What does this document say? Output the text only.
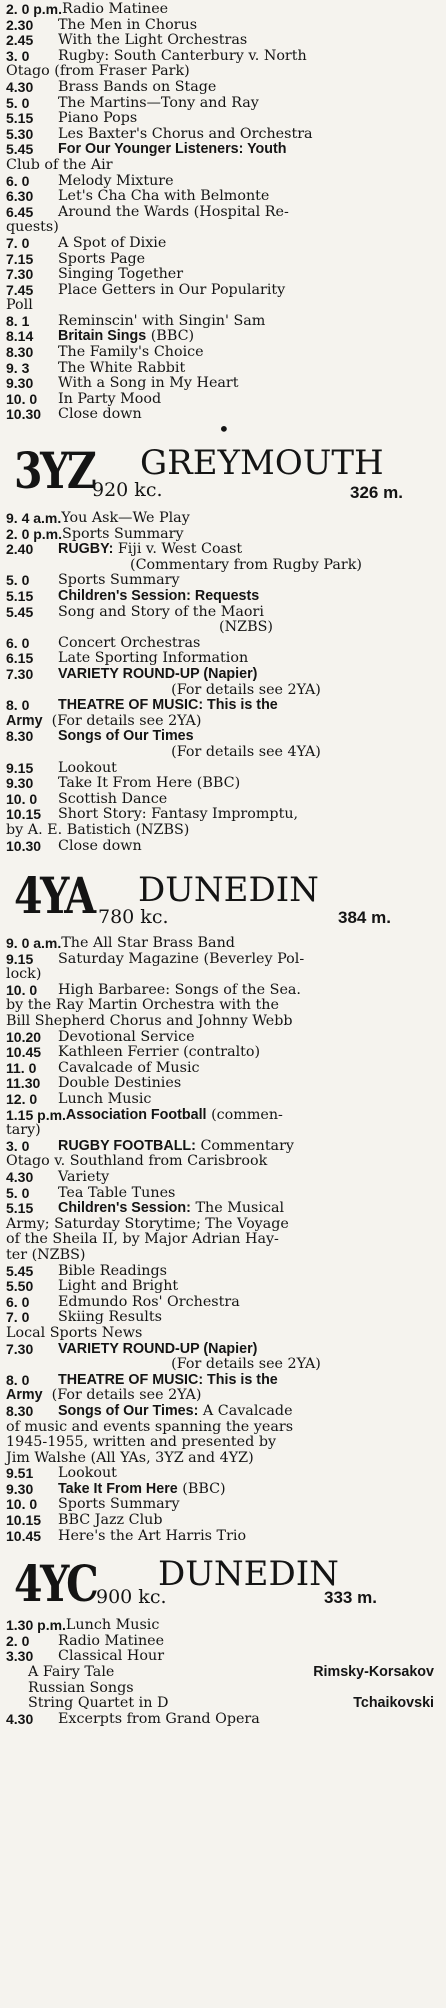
2. 0 p.m. Radio Matinee
2.30	The Men in Chorus
2.45	With the Light Orchestras
3. 0	Rugby: South Canterbury v. North
Otago (from Fraser Park)
4.30	Brass Bands on Stage
5. 0	The Martins—Tony and Ray
5.15	Piano Pops
5.30	Les Baxter's Chorus and Orchestra
5.45	For Our Younger Listeners: Youth
Club of the Air
6. 0	Melody Mixture
6.30	Let's Cha Cha with Belmonte
6.45	Around the Wards (Hospital Re-
quests)
7. 0	A Spot of Dixie
7.15	Sports Page
7.30	Singing Together
7.45	Place Getters in Our Popularity
Poll
8. 1	Reminscin' with Singin' Sam
8.14	Britain Sings (BBC)
8.30	The Family's Choice
9. 3	The White Rabbit
9.30	With a Song in My Heart
10. 0	In Party Mood
10.30	Close down
•
3YZ
920 kc.
GREYMOUTH
326 m.
9. 4 a.m. You Ask—We Play
2. 0 p.m. Sports Summary
2.40	RUGBY: Fiji v. West Coast
(Commentary from Rugby Park)
5. 0	Sports Summary
5.15	Children's Session: Requests
5.45	Song and Story of the Maori
(NZBS)
6. 0	Concert Orchestras
6.15	Late Sporting Information
7.30	VARIETY ROUND-UP (Napier)
(For details see 2YA)
8. 0	THEATRE OF MUSIC: This is the
Army (For details see 2YA)
8.30	Songs of Our Times
(For details see 4YA)
9.15	Lookout
9.30	Take It From Here (BBC)
10. 0	Scottish Dance
10.15	Short Story: Fantasy Impromptu,
by A. E. Batistich (NZBS)
10.30	Close down
4YA 780 kc.
DUNEDIN
384 m.
9. 0 a.m. The All Star Brass Band
9.15	Saturday Magazine (Beverley Pol-
lock)
10. 0	High Barbaree: Songs of the Sea.
by the Ray Martin Orchestra with the
Bill Shepherd Chorus and Johnny Webb
10.20	Devotional Service
10.45	Kathleen Ferrier (contralto)
11. 0	Cavalcade of Music
11.30	Double Destinies
12. 0	Lunch Music
1.15 p.m. Association Football (commen-
tary)
3. 0	RUGBY FOOTBALL: Commentary
Otago v. Southland from Carisbrook
4.30	Variety
5. 0	Tea Table Tunes
5.15	Children's Session: The Musical
Army; Saturday Storytime; The Voyage
of the Sheila II, by Major Adrian Hay-
ter (NZBS)
5.45	Bible Readings
5.50	Light and Bright
6. 0	Edmundo Ros' Orchestra
7. 0	Skiing Results
Local Sports News
7.30	VARIETY ROUND-UP (Napier)
(For details see 2YA)
8. 0	THEATRE OF MUSIC: This is the
Army (For details see 2YA)
8.30	Songs of Our Times: A Cavalcade
of music and events spanning the years
1945-1955, written and presented by
Jim Walshe (All YAs, 3YZ and 4YZ)
9.51	Lookout
9.30	Take It From Here (BBC)
10. 0	Sports Summary
10.15	BBC Jazz Club
10.45	Here's the Art Harris Trio
4YC 900 kc.
DUNEDIN
333 m.
1.30 p.m. Lunch Music
2. 0	Radio Matinee
3.30	Classical Hour
A Fairy Tale	Rimsky-Korsakov
Russian Songs
String Quartet in D	Tchaikovski
4.30	Excerpts from Grand Opera
